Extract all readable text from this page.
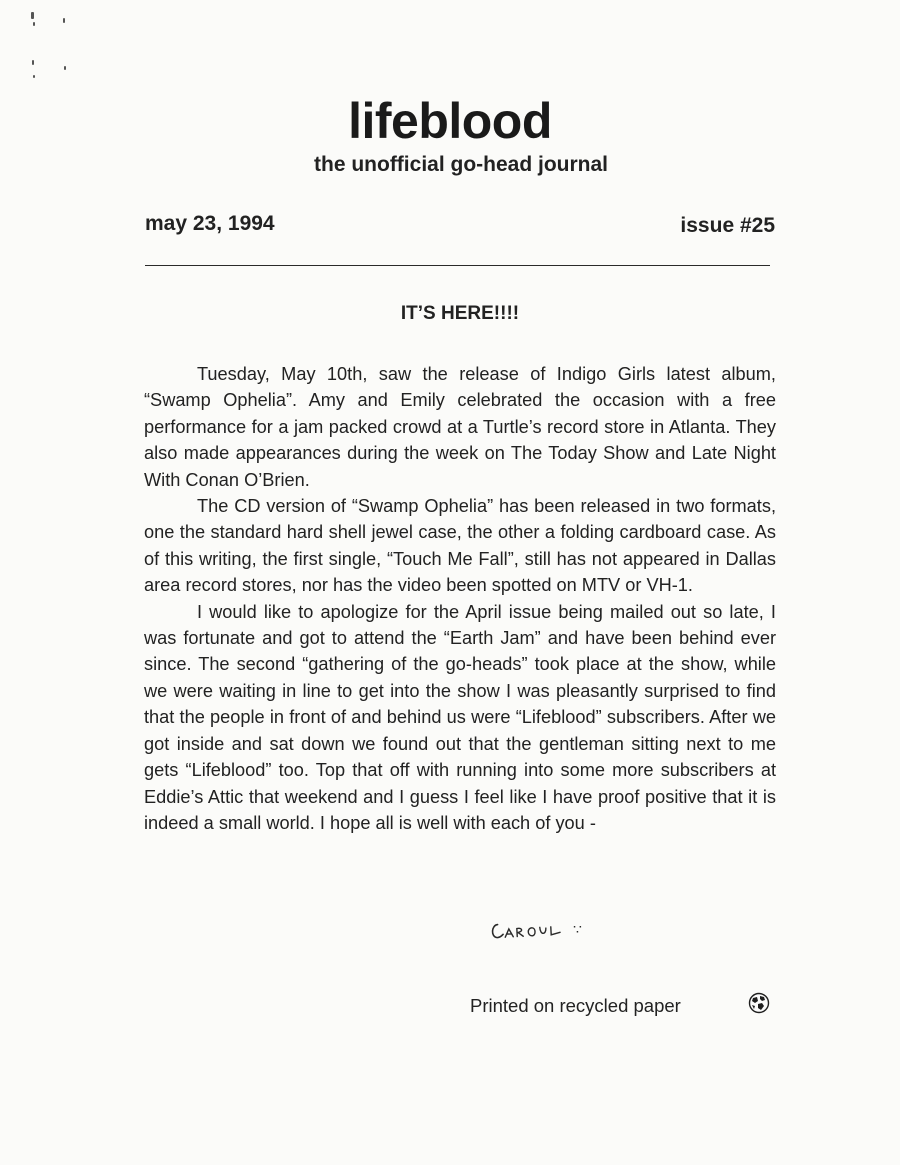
lifeblood
the unofficial go-head journal
may 23, 1994	issue #25
IT’S HERE!!!!

Tuesday, May 10th, saw the release of Indigo Girls latest album, “Swamp Ophelia”. Amy and Emily celebrated the occasion with a free performance for a jam packed crowd at a Turtle’s record store in Atlanta. They also made appearances during the week on The Today Show and Late Night With Conan O’Brien.

The CD version of “Swamp Ophelia” has been released in two formats, one the standard hard shell jewel case, the other a folding cardboard case. As of this writing, the first single, “Touch Me Fall”, still has not appeared in Dallas area record stores, nor has the video been spotted on MTV or VH-1.

I would like to apologize for the April issue being mailed out so late, I was fortunate and got to attend the “Earth Jam” and have been behind ever since. The second “gathering of the go-heads” took place at the show, while we were waiting in line to get into the show I was pleasantly surprised to find that the people in front of and behind us were “Lifeblood” subscribers. After we got inside and sat down we found out that the gentleman sitting next to me gets “Lifeblood” too. Top that off with running into some more subscribers at Eddie’s Attic that weekend and I guess I feel like I have proof positive that it is indeed a small world. I hope all is well with each of you -

∵
Printed on recycled paper
